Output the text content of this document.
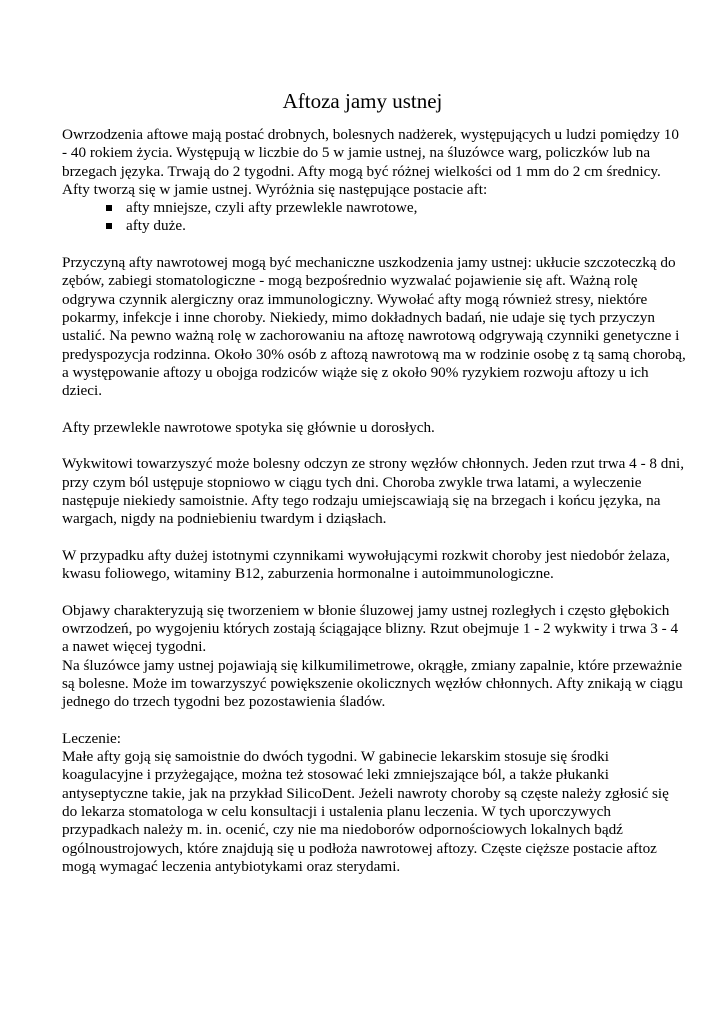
Aftoza jamy ustnej
Owrzodzenia aftowe mają postać drobnych, bolesnych nadżerek, występujących u ludzi pomiędzy 10
- 40 rokiem życia. Występują w liczbie do 5 w jamie ustnej, na śluzówce warg, policzków lub na
brzegach języka. Trwają do 2 tygodni. Afty mogą być różnej wielkości od 1 mm do 2 cm średnicy.
Afty tworzą się w jamie ustnej. Wyróżnia się następujące postacie aft:
afty mniejsze, czyli afty przewlekle nawrotowe,
afty duże.
Przyczyną afty nawrotowej mogą być mechaniczne uszkodzenia jamy ustnej: ukłucie szczoteczką do
zębów, zabiegi stomatologiczne - mogą bezpośrednio wyzwalać pojawienie się aft. Ważną rolę
odgrywa czynnik alergiczny oraz immunologiczny. Wywołać afty mogą również stresy, niektóre
pokarmy, infekcje i inne choroby. Niekiedy, mimo dokładnych badań, nie udaje się tych przyczyn
ustalić. Na pewno ważną rolę w zachorowaniu na aftozę nawrotową odgrywają czynniki genetyczne i
predyspozycja rodzinna. Około 30% osób z aftozą nawrotową ma w rodzinie osobę z tą samą chorobą,
a występowanie aftozy u obojga rodziców wiąże się z około 90% ryzykiem rozwoju aftozy u ich
dzieci.
Afty przewlekle nawrotowe spotyka się głównie u dorosłych.
Wykwitowi towarzyszyć może bolesny odczyn ze strony węzłów chłonnych. Jeden rzut trwa 4 - 8 dni,
przy czym ból ustępuje stopniowo w ciągu tych dni. Choroba zwykle trwa latami, a wyleczenie
następuje niekiedy samoistnie. Afty tego rodzaju umiejscawiają się na brzegach i końcu języka, na
wargach, nigdy na podniebieniu twardym i dziąsłach.
W przypadku afty dużej istotnymi czynnikami wywołującymi rozkwit choroby jest niedobór żelaza,
kwasu foliowego, witaminy B12, zaburzenia hormonalne i autoimmunologiczne.
Objawy charakteryzują się tworzeniem w błonie śluzowej jamy ustnej rozległych i często głębokich
owrzodzeń, po wygojeniu których zostają ściągające blizny. Rzut obejmuje 1 - 2 wykwity i trwa 3 - 4
a nawet więcej tygodni.
Na śluzówce jamy ustnej pojawiają się kilkumilimetrowe, okrągłe, zmiany zapalnie, które przeważnie
są bolesne. Może im towarzyszyć powiększenie okolicznych węzłów chłonnych. Afty znikają w ciągu
jednego do trzech tygodni bez pozostawienia śladów.
Leczenie:
Małe afty goją się samoistnie do dwóch tygodni. W gabinecie lekarskim stosuje się środki
koagulacyjne i przyżegające, można też stosować leki zmniejszające ból, a także płukanki
antyseptyczne takie, jak na przykład SilicoDent. Jeżeli nawroty choroby są częste należy zgłosić się
do lekarza stomatologa w celu konsultacji i ustalenia planu leczenia. W tych uporczywych
przypadkach należy m. in. ocenić, czy nie ma niedoborów odpornościowych lokalnych bądź
ogólnoustrojowych, które znajdują się u podłoża nawrotowej aftozy. Częste cięższe postacie aftoz
mogą wymagać leczenia antybiotykami oraz sterydami.
